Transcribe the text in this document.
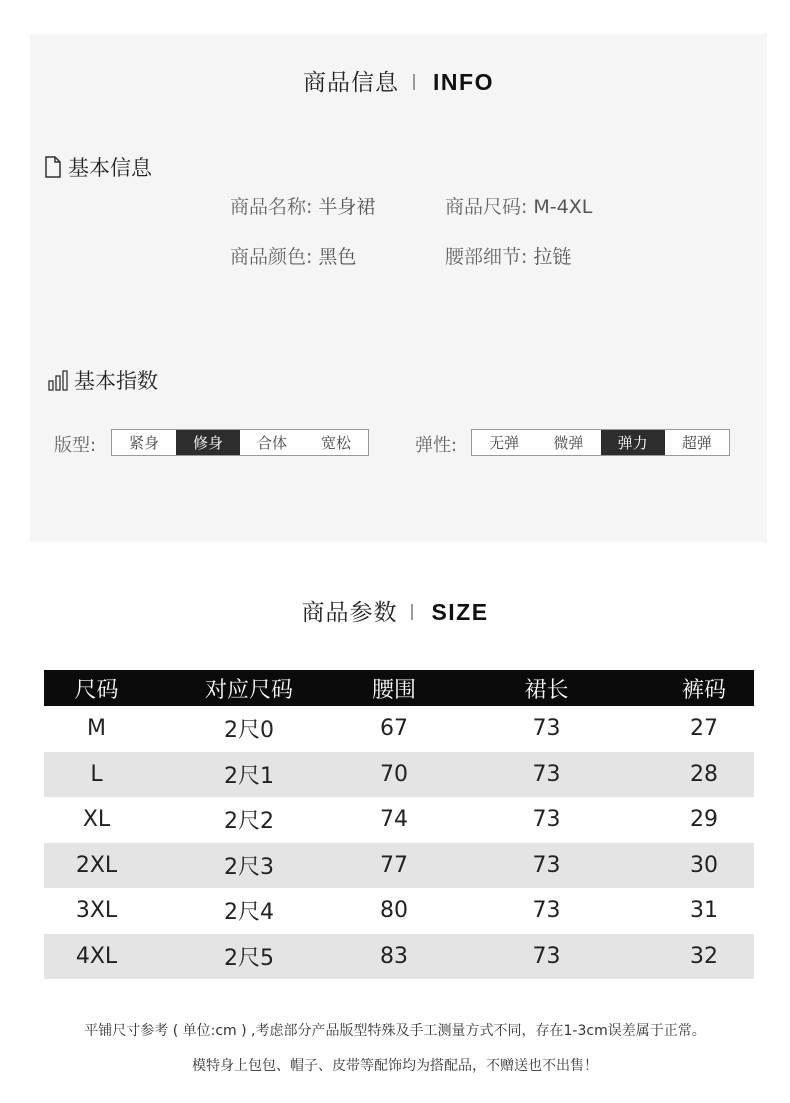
商品信息 INFO
基本信息
商品名称: 半身裙	商品尺码: M-4XL
商品颜色: 黑色	腰部细节: 拉链
基本指数
版型:	紧身	修身	合体	宽松	弹性:	无弹	微弹	弹力	超弹
商品参数 SIZE
尺码	对应尺码	腰围	裙长	裤码
M	2尺0	67	73	27
L	2尺1	70	73	28
XL	2尺2	74	73	29
2XL	2尺3	77	73	30
3XL	2尺4	80	73	31
4XL	2尺5	83	73	32
平铺尺寸参考 ( 单位:cm ) ,考虑部分产品版型特殊及手工测量方式不同，存在1-3cm误差属于正常。
模特身上包包、帽子、皮带等配饰均为搭配品，不赠送也不出售！
